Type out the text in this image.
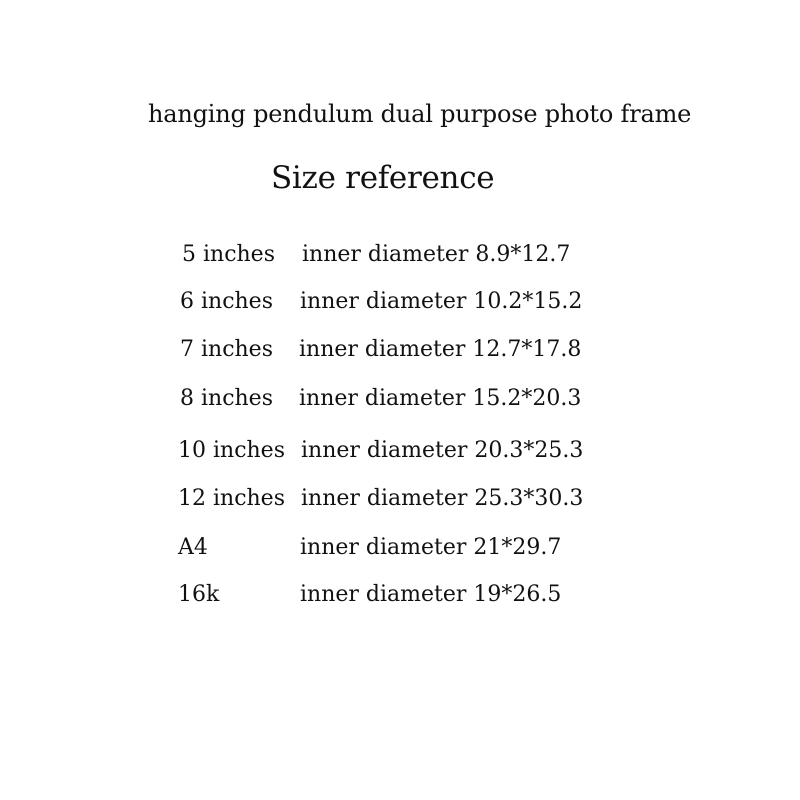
hanging pendulum dual purpose photo frame
Size reference
5 inches inner diameter 8.9*12.7
6 inches inner diameter 10.2*15.2
7 inches inner diameter 12.7*17.8
8 inches inner diameter 15.2*20.3
10 inches inner diameter 20.3*25.3
12 inches inner diameter 25.3*30.3
A4	inner diameter 21*29.7
16k	inner diameter 19*26.5
